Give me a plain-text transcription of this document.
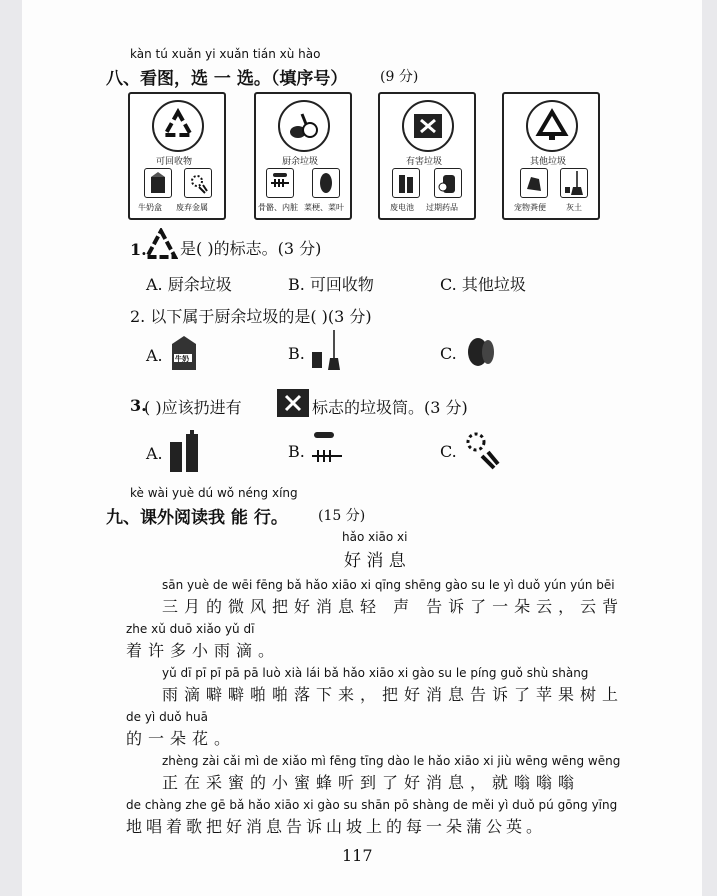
kàn tú xuǎn yi xuǎn tián xù hào
八、看图，选 一 选。（填序号） (9 分)
可回收物
牛奶盒 废弃金属
厨余垃圾
骨骼、内脏 菜梗、菜叶
有害垃圾
废电池 过期药品
其他垃圾
宠物粪便	灰土
1. 是( )的标志。(3 分)
A. 厨余垃圾	B. 可回收物	C. 其他垃圾
2. 以下属于厨余垃圾的是( )(3 分)
A. 牛奶	B.	C.
3.
( )应该扔进有	标志的垃圾筒。(3 分)
A.	B.	C.
kè wài yuè dú wǒ néng xíng
九、课外阅读我 能 行。 (15 分)
hǎo xiāo xi
好 消 息
sān yuè de wēi fēng bǎ hǎo xiāo xi qīng shēng gào su le yì duǒ yún yún bēi
三月的微风把好消息轻 声 告诉了一朵云，云背
zhe xǔ duō xiǎo yǔ dī
着许多小雨滴。
yǔ dī pī pī pā pā luò xià lái bǎ hǎo xiāo xi gào su le píng guǒ shù shàng
雨滴噼噼啪啪落下来，把好消息告诉了苹果树上
de yì duǒ huā
的一朵花。
zhèng zài cǎi mì de xiǎo mì fēng tīng dào le hǎo xiāo xi jiù wēng wēng wēng
正在采蜜的小蜜蜂听到了好消息，就嗡嗡嗡
de chàng zhe gē bǎ hǎo xiāo xi gào su shān pō shàng de měi yì duǒ pú gōng yīng
地唱着歌把好消息告诉山坡上的每一朵蒲公英。
117
